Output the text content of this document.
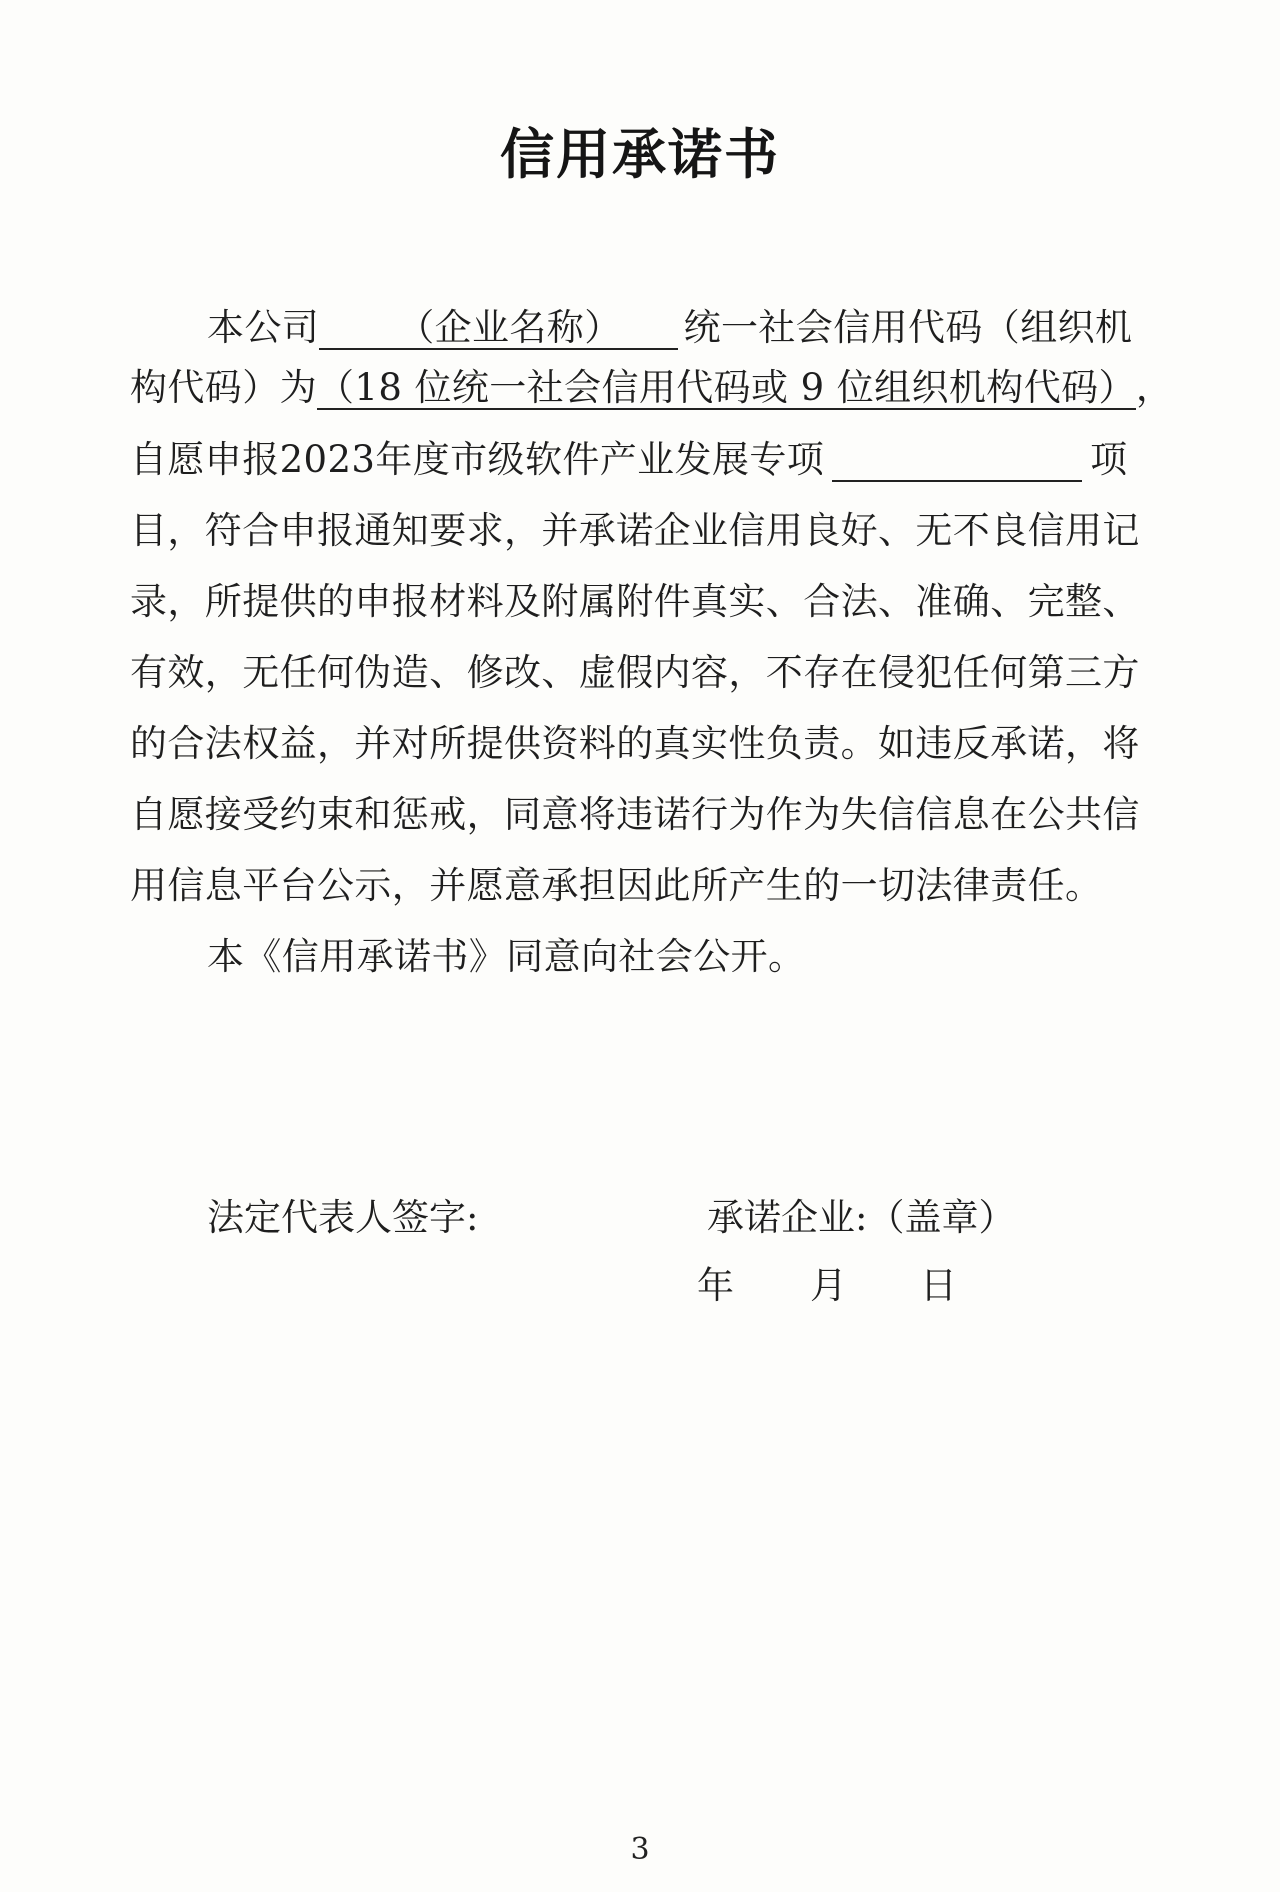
信用承诺书
本公司 （企业名称） 统一社会信用代码（组织机
构代码）为（18 位统一社会信用代码或 9 位组织机构代码），
自愿申报2023年度市级软件产业发展专项	项
目，符合申报通知要求，并承诺企业信用良好、无不良信用记
录，所提供的申报材料及附属附件真实、合法、准确、完整、
有效，无任何伪造、修改、虚假内容，不存在侵犯任何第三方
的合法权益，并对所提供资料的真实性负责。如违反承诺，将
自愿接受约束和惩戒，同意将违诺行为作为失信信息在公共信
用信息平台公示，并愿意承担因此所产生的一切法律责任。
本《信用承诺书》同意向社会公开。
法定代表人签字:	承诺企业:（盖章）
年 月 日
3
